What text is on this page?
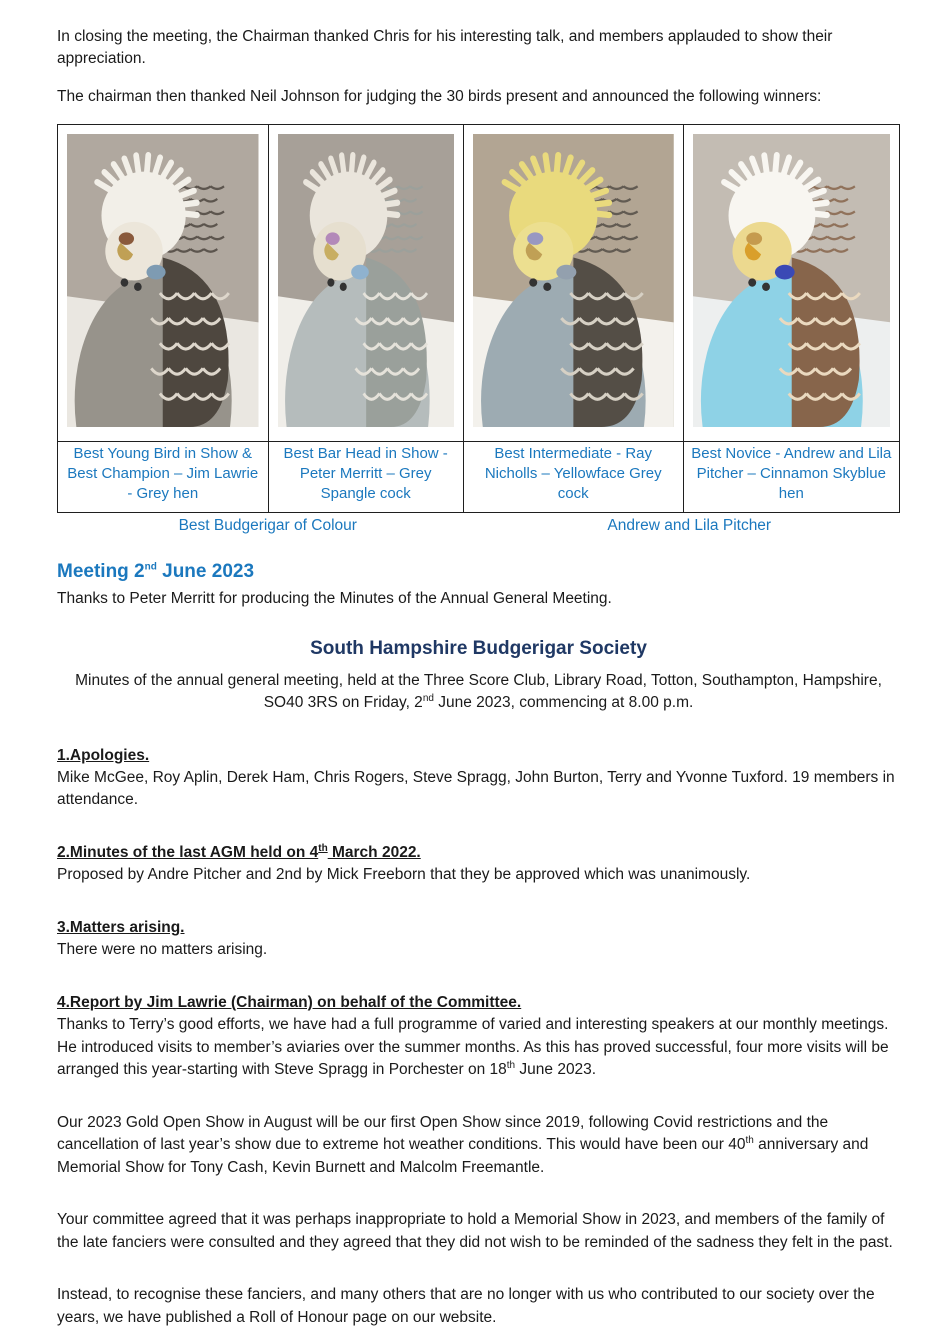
In closing the meeting, the Chairman thanked Chris for his interesting talk, and members applauded to show their appreciation.

The chairman then thanked Neil Johnson for judging the 30 birds present and announced the following winners:

Best Young Bird in Show & Best Champion – Jim Lawrie - Grey hen	Best Bar Head in Show - Peter Merritt – Grey Spangle cock	Best Intermediate - Ray Nicholls – Yellowface Grey cock	Best Novice - Andrew and Lila Pitcher – Cinnamon Skyblue hen
Best Budgerigar of Colour	Andrew and Lila Pitcher
Meeting 2nd June 2023

Thanks to Peter Merritt for producing the Minutes of the Annual General Meeting.

South Hampshire Budgerigar Society

Minutes of the annual general meeting, held at the Three Score Club, Library Road, Totton, Southampton, Hampshire, SO40 3RS on Friday, 2nd June 2023, commencing at 8.00 p.m.

1.Apologies.

Mike McGee, Roy Aplin, Derek Ham, Chris Rogers, Steve Spragg, John Burton, Terry and Yvonne Tuxford. 19 members in attendance.

2.Minutes of the last AGM held on 4th March 2022.

Proposed by Andre Pitcher and 2nd by Mick Freeborn that they be approved which was unanimously.

3.Matters arising.

There were no matters arising.

4.Report by Jim Lawrie (Chairman) on behalf of the Committee.

Thanks to Terry’s good efforts, we have had a full programme of varied and interesting speakers at our monthly meetings. He introduced visits to member’s aviaries over the summer months. As this has proved successful, four more visits will be arranged this year-starting with Steve Spragg in Porchester on 18th June 2023.

Our 2023 Gold Open Show in August will be our first Open Show since 2019, following Covid restrictions and the cancellation of last year’s show due to extreme hot weather conditions. This would have been our 40th anniversary and Memorial Show for Tony Cash, Kevin Burnett and Malcolm Freemantle.

Your committee agreed that it was perhaps inappropriate to hold a Memorial Show in 2023, and members of the family of the late fanciers were consulted and they agreed that they did not wish to be reminded of the sadness they felt in the past.

Instead, to recognise these fanciers, and many others that are no longer with us who contributed to our society over the years, we have published a Roll of Honour page on our website.
